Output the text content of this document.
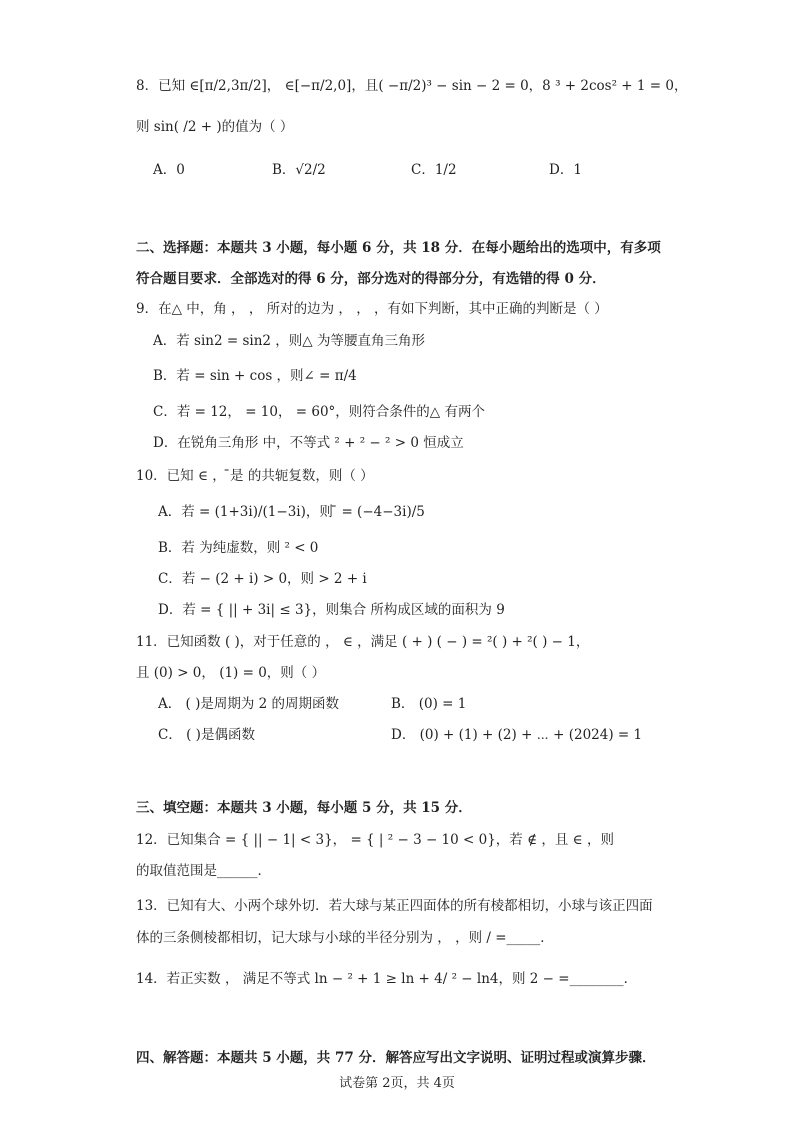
8．已知 ∈[π/2,3π/2]， ∈[−π/2,0]，且( −π/2)³ − sin − 2 = 0，8 ³ + 2cos² + 1 = 0，
则 sin( /2 + )的值为（ ）
A．0	B．√2/2	C．1/2	D．1
二、选择题：本题共 3 小题，每小题 6 分，共 18 分．在每小题给出的选项中，有多项
符合题目要求．全部选对的得 6 分，部分选对的得部分分，有选错的得 0 分．
9．在△ 中，角 ， ， 所对的边为 ， ， ，有如下判断，其中正确的判断是（ ）
A．若 sin2 = sin2 ，则△ 为等腰直角三角形
B．若 = sin + cos ，则∠ = π/4
C．若 = 12， = 10， = 60°，则符合条件的△ 有两个
D．在锐角三角形 中，不等式 ² + ² − ² > 0 恒成立
10．已知 ∈ ， ̄是 的共轭复数，则（ ）
A．若 = (1+3i)/(1−3i)，则 ̄ = (−4−3i)/5
B．若 为纯虚数，则 ² < 0
C．若 − (2 + i) > 0，则 > 2 + i
D．若 = { || + 3i| ≤ 3}，则集合 所构成区域的面积为 9
11．已知函数 ( )，对于任意的 ， ∈ ，满足 ( + ) ( − ) = ²( ) + ²( ) − 1，
且 (0) > 0， (1) = 0，则（ ）
A． ( )是周期为 2 的周期函数	B． (0) = 1
C． ( )是偶函数	D． (0) + (1) + (2) + ⋯ + (2024) = 1
三、填空题：本题共 3 小题，每小题 5 分，共 15 分．
12．已知集合 = { || − 1| < 3}， = { | ² − 3 − 10 < 0}，若 ∉ ，且 ∈ ，则
的取值范围是______．
13．已知有大、小两个球外切．若大球与某正四面体的所有棱都相切，小球与该正四面
体的三条侧棱都相切，记大球与小球的半径分别为 ， ，则 / =_____．
14．若正实数 ， 满足不等式 ln − ² + 1 ≥ ln + 4/ ² − ln4，则 2 − =________．
四、解答题：本题共 5 小题，共 77 分．解答应写出文字说明、证明过程或演算步骤．
试卷第 2页，共 4页
